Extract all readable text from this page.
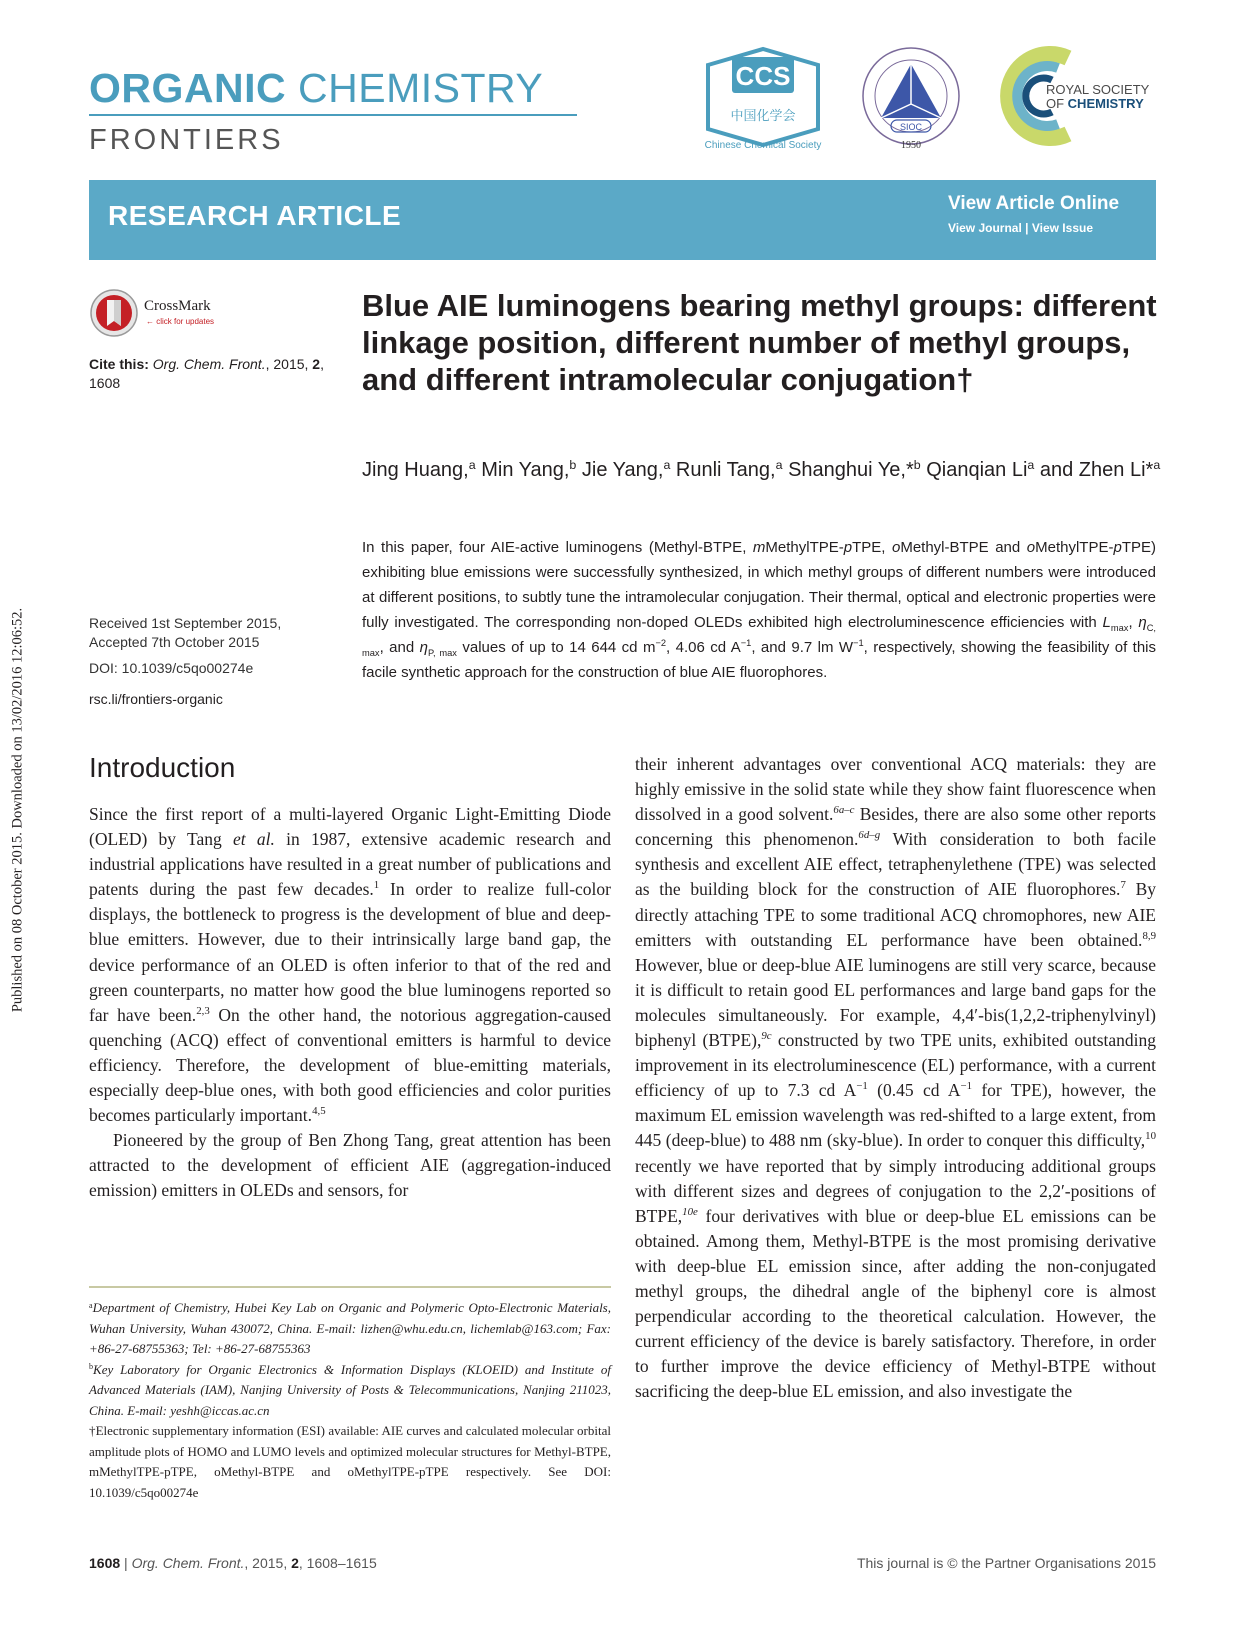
Published on 08 October 2015. Downloaded on 13/02/2016 12:06:52.
ORGANIC CHEMISTRY
FRONTIERS
CCS
中国化学会
Chinese Chemical Society
SIOC
1950
ROYAL SOCIETY
OF CHEMISTRY
RESEARCH ARTICLE	View Article Online
View Journal | View Issue
CrossMark
← click for updates
Cite this: Org. Chem. Front., 2015, 2, 1608
Received 1st September 2015,
Accepted 7th October 2015
DOI: 10.1039/c5qo00274e
rsc.li/frontiers-organic
Blue AIE luminogens bearing methyl groups: different linkage position, different number of methyl groups, and different intramolecular conjugation†
Jing Huang,$^a$ Min Yang,$^b$ Jie Yang,$^a$ Runli Tang,$^a$ Shanghui Ye,*$^b$ Qianqian Li$^a$ and Zhen Li*$^a$
In this paper, four AIE-active luminogens (Methyl-BTPE, mMethylTPE-pTPE, oMethyl-BTPE and oMethylTPE-pTPE) exhibiting blue emissions were successfully synthesized, in which methyl groups of different numbers were introduced at different positions, to subtly tune the intramolecular conjugation. Their thermal, optical and electronic properties were fully investigated. The corresponding non-doped OLEDs exhibited high electroluminescence efficiencies with $L_{max}$, $\eta_{C, max}$, and $\eta_{P, max}$ values of up to 14 644 cd $m^{-2}$, 4.06 cd $A^{-1}$, and 9.7 lm $W^{-1}$, respectively, showing the feasibility of this facile synthetic approach for the construction of blue AIE fluorophores.
Introduction

Since the first report of a multi-layered Organic Light-Emitting Diode (OLED) by Tang et al. in 1987, extensive academic research and industrial applications have resulted in a great number of publications and patents during the past few decades.$^1$ In order to realize full-color displays, the bottleneck to progress is the development of blue and deep-blue emitters. However, due to their intrinsically large band gap, the device performance of an OLED is often inferior to that of the red and green counterparts, no matter how good the blue luminogens reported so far have been.$^{2,3}$ On the other hand, the notorious aggregation-caused quenching (ACQ) effect of conventional emitters is harmful to device efficiency. Therefore, the development of blue-emitting materials, especially deep-blue ones, with both good efficiencies and color purities becomes particularly important.$^{4,5}$

Pioneered by the group of Ben Zhong Tang, great attention has been attracted to the development of efficient AIE (aggregation-induced emission) emitters in OLEDs and sensors, for

$^a$Department of Chemistry, Hubei Key Lab on Organic and Polymeric Opto-Electronic Materials, Wuhan University, Wuhan 430072, China. E-mail: lizhen@whu.edu.cn, lichemlab@163.com; Fax: +86-27-68755363; Tel: +86-27-68755363

$^b$Key Laboratory for Organic Electronics & Information Displays (KLOEID) and Institute of Advanced Materials (IAM), Nanjing University of Posts & Telecommunications, Nanjing 211023, China. E-mail: yeshh@iccas.ac.cn

†Electronic supplementary information (ESI) available: AIE curves and calculated molecular orbital amplitude plots of HOMO and LUMO levels and optimized molecular structures for Methyl-BTPE, mMethylTPE-pTPE, oMethyl-BTPE and oMethylTPE-pTPE respectively. See DOI: 10.1039/c5qo00274e

their inherent advantages over conventional ACQ materials: they are highly emissive in the solid state while they show faint fluorescence when dissolved in a good solvent.$^{6a-c}$ Besides, there are also some other reports concerning this phenomenon.$^{6d-g}$ With consideration to both facile synthesis and excellent AIE effect, tetraphenylethene (TPE) was selected as the building block for the construction of AIE fluorophores.$^7$ By directly attaching TPE to some traditional ACQ chromophores, new AIE emitters with outstanding EL performance have been obtained.$^{8,9}$ However, blue or deep-blue AIE luminogens are still very scarce, because it is difficult to retain good EL performances and large band gaps for the molecules simultaneously. For example, 4,4′-bis(1,2,2-triphenylvinyl) biphenyl (BTPE),$^{9c}$ constructed by two TPE units, exhibited outstanding improvement in its electroluminescence (EL) performance, with a current efficiency of up to 7.3 cd $A^{-1}$ (0.45 cd $A^{-1}$ for TPE), however, the maximum EL emission wavelength was red-shifted to a large extent, from 445 (deep-blue) to 488 nm (sky-blue). In order to conquer this difficulty,$^{10}$ recently we have reported that by simply introducing additional groups with different sizes and degrees of conjugation to the 2,2′-positions of BTPE,$^{10e}$ four derivatives with blue or deep-blue EL emissions can be obtained. Among them, Methyl-BTPE is the most promising derivative with deep-blue EL emission since, after adding the non-conjugated methyl groups, the dihedral angle of the biphenyl core is almost perpendicular according to the theoretical calculation. However, the current efficiency of the device is barely satisfactory. Therefore, in order to further improve the device efficiency of Methyl-BTPE without sacrificing the deep-blue EL emission, and also investigate the

1608 | Org. Chem. Front., 2015, 2, 1608–1615	This journal is © the Partner Organisations 2015
